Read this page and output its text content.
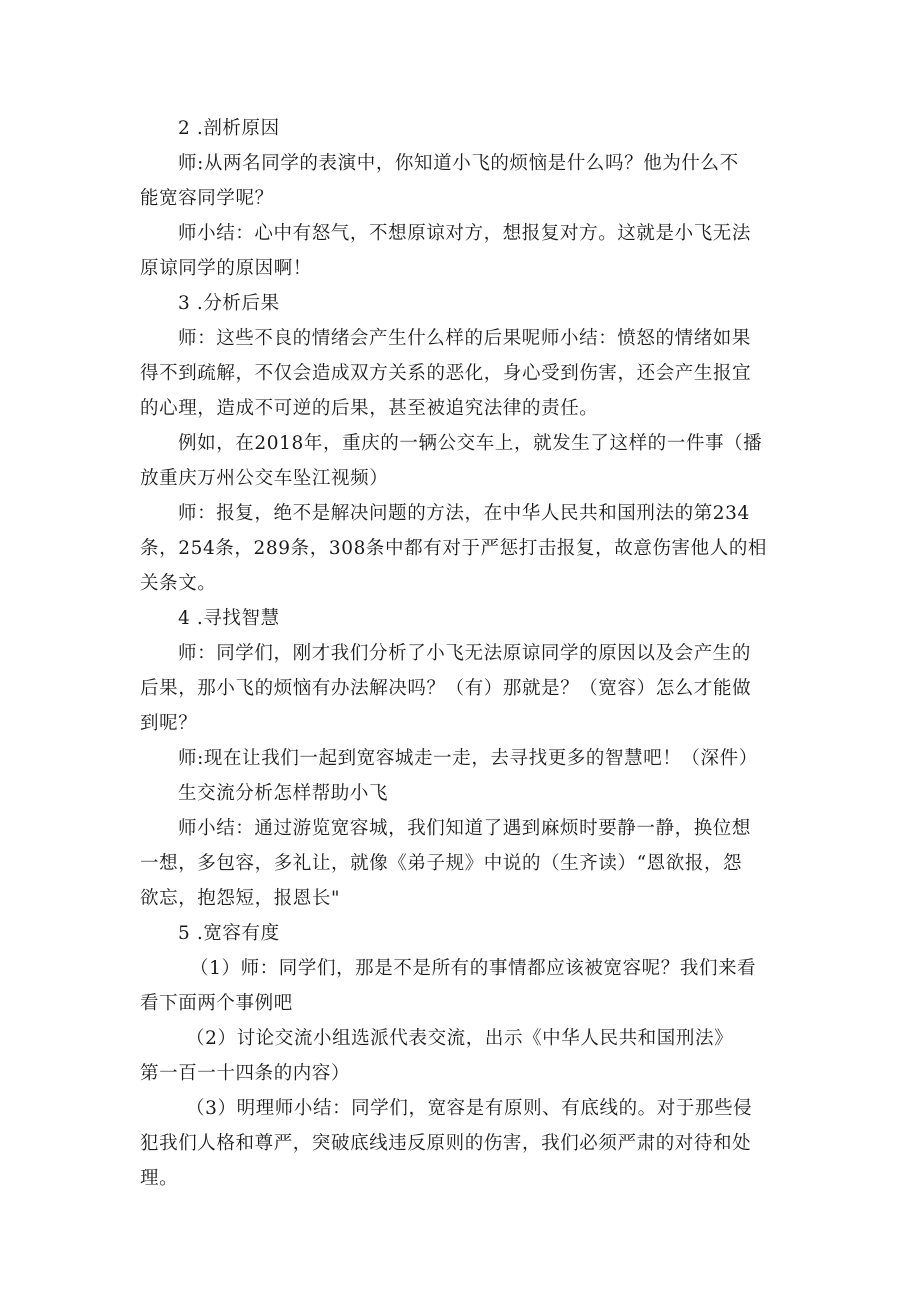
2 .剖析原因
师:从两名同学的表演中，你知道小飞的烦恼是什么吗？他为什么不
能宽容同学呢？
师小结：心中有怒气，不想原谅对方，想报复对方。这就是小飞无法
原谅同学的原因啊！
3 .分析后果
师：这些不良的情绪会产生什么样的后果呢师小结：愤怒的情绪如果
得不到疏解，不仅会造成双方关系的恶化，身心受到伤害，还会产生报宜
的心理，造成不可逆的后果，甚至被追究法律的责任。
例如，在2018年，重庆的一辆公交车上，就发生了这样的一件事（播
放重庆万州公交车坠江视频）
师：报复，绝不是解决问题的方法，在中华人民共和国刑法的第234
条，254条，289条，308条中都有对于严惩打击报复，故意伤害他人的相
关条文。
4 .寻找智慧
师：同学们，刚才我们分析了小飞无法原谅同学的原因以及会产生的
后果，那小飞的烦恼有办法解决吗？（有）那就是？（宽容）怎么才能做
到呢？
师:现在让我们一起到宽容城走一走，去寻找更多的智慧吧！（深件）
生交流分析怎样帮助小飞
师小结：通过游览宽容城，我们知道了遇到麻烦时要静一静，换位想
一想，多包容，多礼让，就像《弟子规》中说的（生齐读）“恩欲报，怨
欲忘，抱怨短，报恩长"
5 .宽容有度
（1）师：同学们，那是不是所有的事情都应该被宽容呢？我们来看
看下面两个事例吧
（2）讨论交流小组选派代表交流，出示《中华人民共和国刑法》
第一百一十四条的内容）
（3）明理师小结：同学们，宽容是有原则、有底线的。对于那些侵
犯我们人格和尊严，突破底线违反原则的伤害，我们必须严肃的对待和处
理。
